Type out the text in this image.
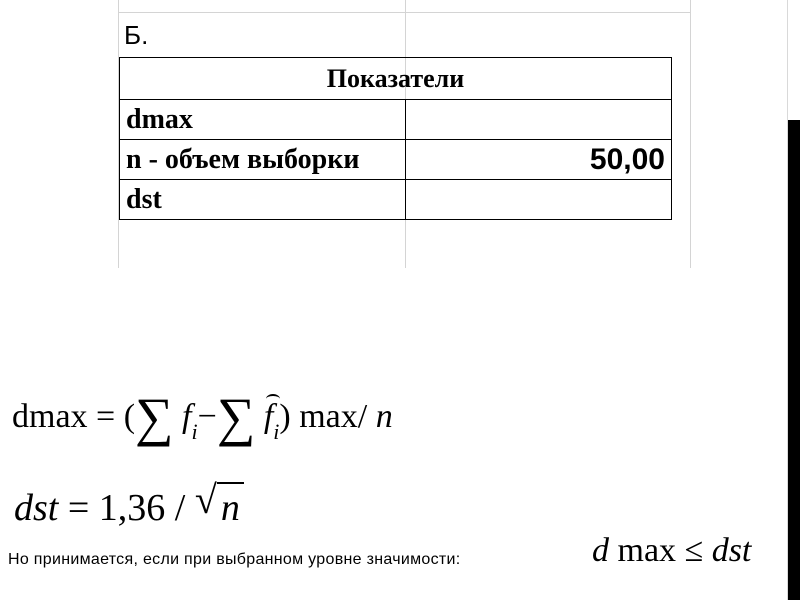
Б.
Показатели	
dmax	
n - объем выборки	50,00
dst	
dmax = (∑ $f_i-\sum$ $f_i$) max/ n
dst = 1,36 / √ n
Но принимается, если при выбранном уровне значимости:	d max ≤ dst
